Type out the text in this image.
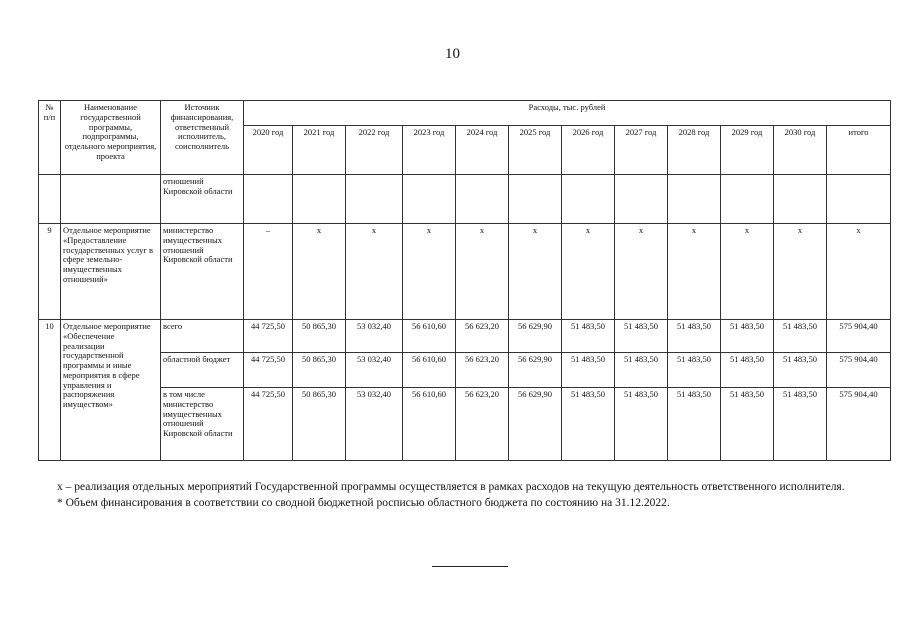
10
№ п/п	Наименование государственной программы, подпрограммы, отдельного мероприятия, проекта	Источник финансирования, ответственный исполнитель, соисполнитель	Расходы, тыс. рублей											
			2020 год	2021 год	2022 год	2023 год	2024 год	2025 год	2026 год	2027 год	2028 год	2029 год	2030 год	итого
		отношений Кировской области												
9	Отдельное мероприятие «Предоставление государственных услуг в сфере земельно-имущественных отношений»	министерство имущественных отношений Кировской области	–	х	х	х	х	х	х	х	х	х	х	х
10	Отдельное мероприятие «Обеспечение реализации государственной программы и иные мероприятия в сфере управления и распоряжения имуществом»	всего	44 725,50	50 865,30	53 032,40	56 610,60	56 623,20	56 629,90	51 483,50	51 483,50	51 483,50	51 483,50	51 483,50	575 904,40
		областной бюджет	44 725,50	50 865,30	53 032,40	56 610,60	56 623,20	56 629,90	51 483,50	51 483,50	51 483,50	51 483,50	51 483,50	575 904,40
		в том числе министерство имущественных отношений Кировской области	44 725,50	50 865,30	53 032,40	56 610,60	56 623,20	56 629,90	51 483,50	51 483,50	51 483,50	51 483,50	51 483,50	575 904,40

х – реализация отдельных мероприятий Государственной программы осуществляется в рамках расходов на текущую деятельность ответственного исполнителя.

* Объем финансирования в соответствии со сводной бюджетной росписью областного бюджета по состоянию на 31.12.2022.
